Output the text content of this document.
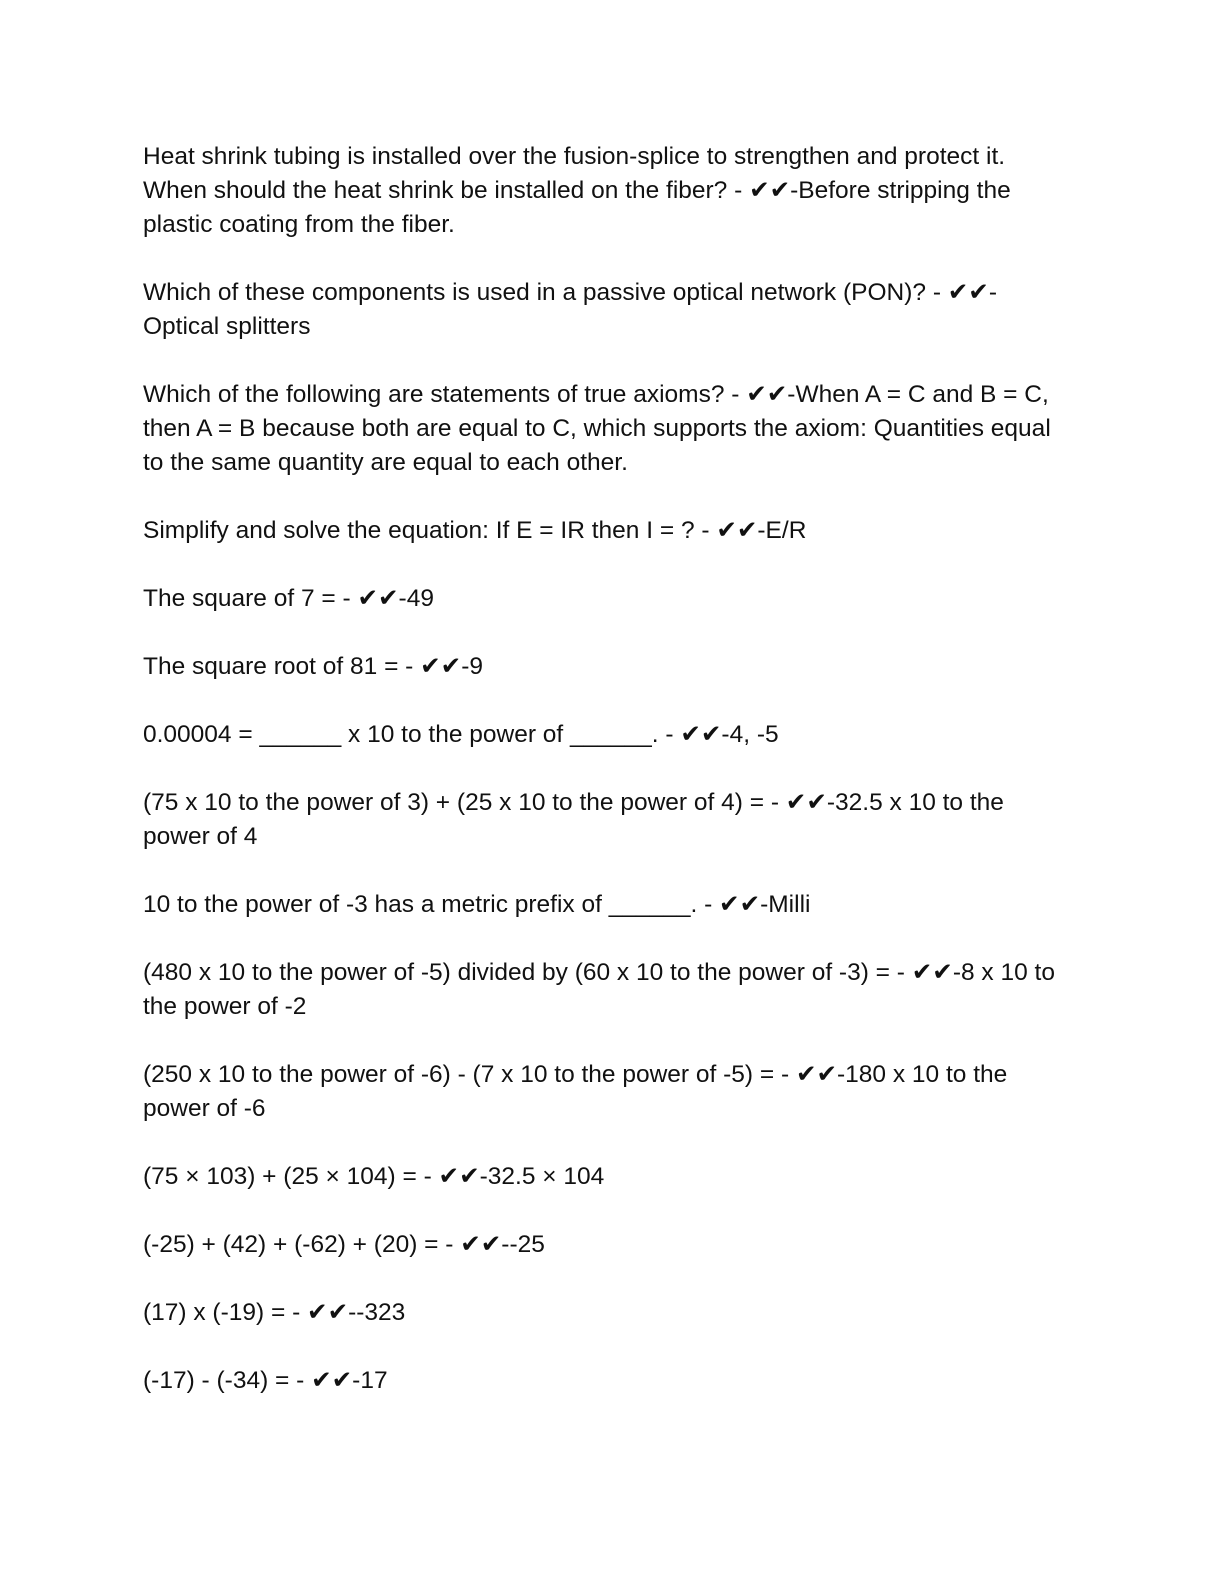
Heat shrink tubing is installed over the fusion-splice to strengthen and protect it. When should the heat shrink be installed on the fiber? - ✔✔-Before stripping the plastic coating from the fiber.

Which of these components is used in a passive optical network (PON)? - ✔✔-Optical splitters

Which of the following are statements of true axioms? - ✔✔-When A = C and B = C, then A = B because both are equal to C, which supports the axiom: Quantities equal to the same quantity are equal to each other.

Simplify and solve the equation: If E = IR then I = ? - ✔✔-E/R

The square of 7 = - ✔✔-49

The square root of 81 = - ✔✔-9

0.00004 = ______ x 10 to the power of ______. - ✔✔-4, -5

(75 x 10 to the power of 3) + (25 x 10 to the power of 4) = - ✔✔-32.5 x 10 to the power of 4

10 to the power of -3 has a metric prefix of ______. - ✔✔-Milli

(480 x 10 to the power of -5) divided by (60 x 10 to the power of -3) = - ✔✔-8 x 10 to the power of -2

(250 x 10 to the power of -6) - (7 x 10 to the power of -5) = - ✔✔-180 x 10 to the power of -6

(75 × 103) + (25 × 104) = - ✔✔-32.5 × 104

(-25) + (42) + (-62) + (20) = - ✔✔--25

(17) x (-19) = - ✔✔--323

(-17) - (-34) = - ✔✔-17
